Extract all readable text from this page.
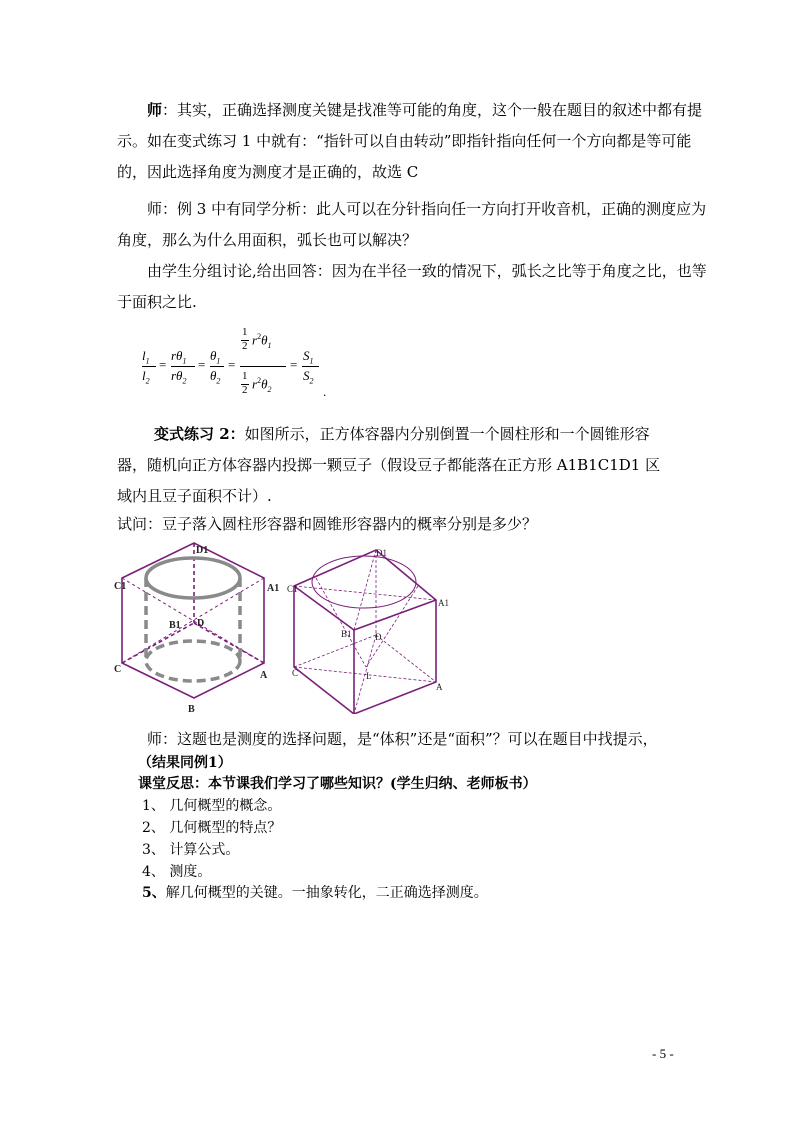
师：其实，正确选择测度关键是找准等可能的角度，这个一般在题目的叙述中都有提
示。如在变式练习 1 中就有：“指针可以自由转动”即指针指向任何一个方向都是等可能
的，因此选择角度为测度才是正确的，故选 C
师：例 3 中有同学分析：此人可以在分针指向任一方向打开收音机，正确的测度应为
角度，那么为什么用面积，弧长也可以解决？
由学生分组讨论,给出回答：因为在半径一致的情况下，弧长之比等于角度之比，也等
于面积之比.
$l_1$
$l_2$
=
$r\theta_1$
$r\theta_2$
=
$\theta_1$
$\theta_2$
=
1
2 $r^2\theta_1$
1
2 $r^2\theta_2$
=
$S_1$
$S_2$
.
变式练习 2：如图所示，正方体容器内分别倒置一个圆柱形和一个圆锥形容
器，随机向正方体容器内投掷一颗豆子（假设豆子都能落在正方形 A1B1C1D1 区
域内且豆子面积不计）.
试问：豆子落入圆柱形容器和圆锥形容器内的概率分别是多少？
D1
C1	A1
B1 D
C
A
B
D1
C1
A1
B1	D
C
A
L
师：这题也是测度的选择问题，是“体积”还是“面积”？可以在题目中找提示，
（结果同例1）
课堂反思：本节课我们学习了哪些知识？(学生归纳、老师板书）
1、 几何概型的概念。
2、 几何概型的特点？
3、 计算公式。
4、 测度。
5、解几何概型的关键。一抽象转化，二正确选择测度。
- 5 -
